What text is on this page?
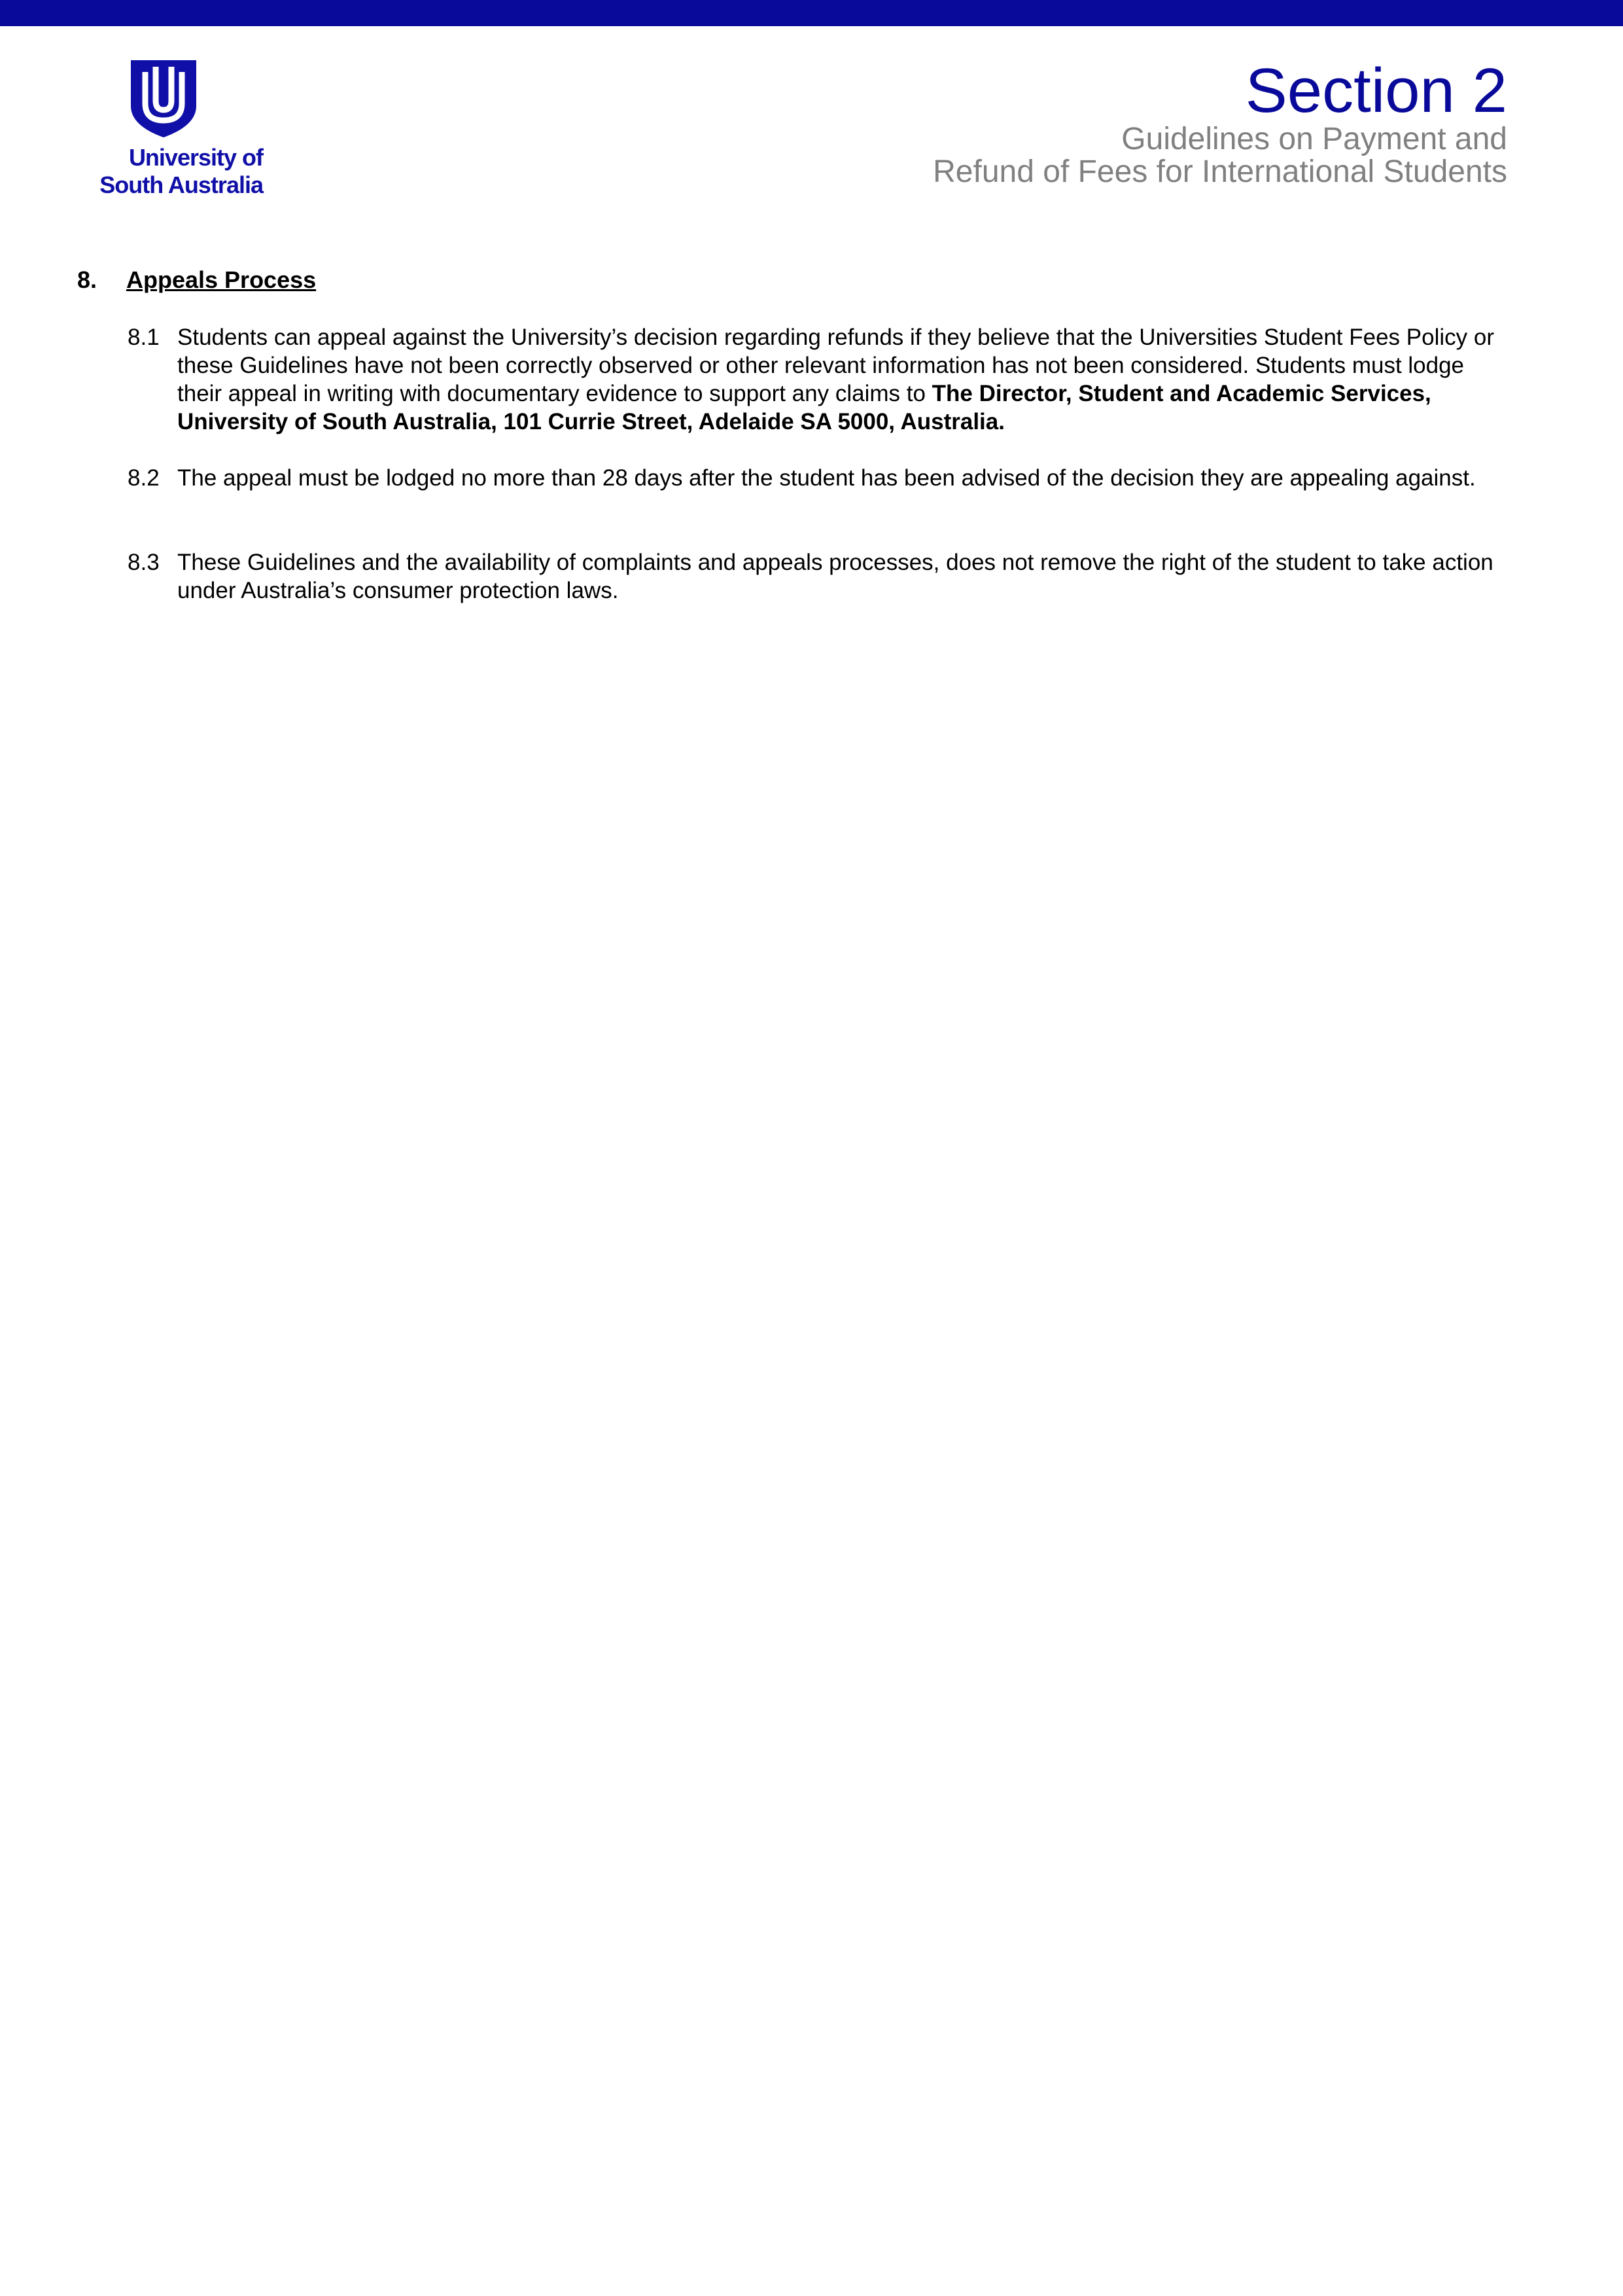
University of
South Australia
Section 2
Guidelines on Payment and
Refund of Fees for International Students
8. Appeals Process
8.1 Students can appeal against the University’s decision regarding refunds if they believe that the Universities Student Fees Policy or these Guidelines have not been correctly observed or other relevant information has not been considered. Students must lodge their appeal in writing with documentary evidence to support any claims to The Director, Student and Academic Services, University of South Australia, 101 Currie Street, Adelaide SA 5000, Australia.
8.2 The appeal must be lodged no more than 28 days after the student has been advised of the decision they are appealing against.
8.3 These Guidelines and the availability of complaints and appeals processes, does not remove the right of the student to take action under Australia’s consumer protection laws.
